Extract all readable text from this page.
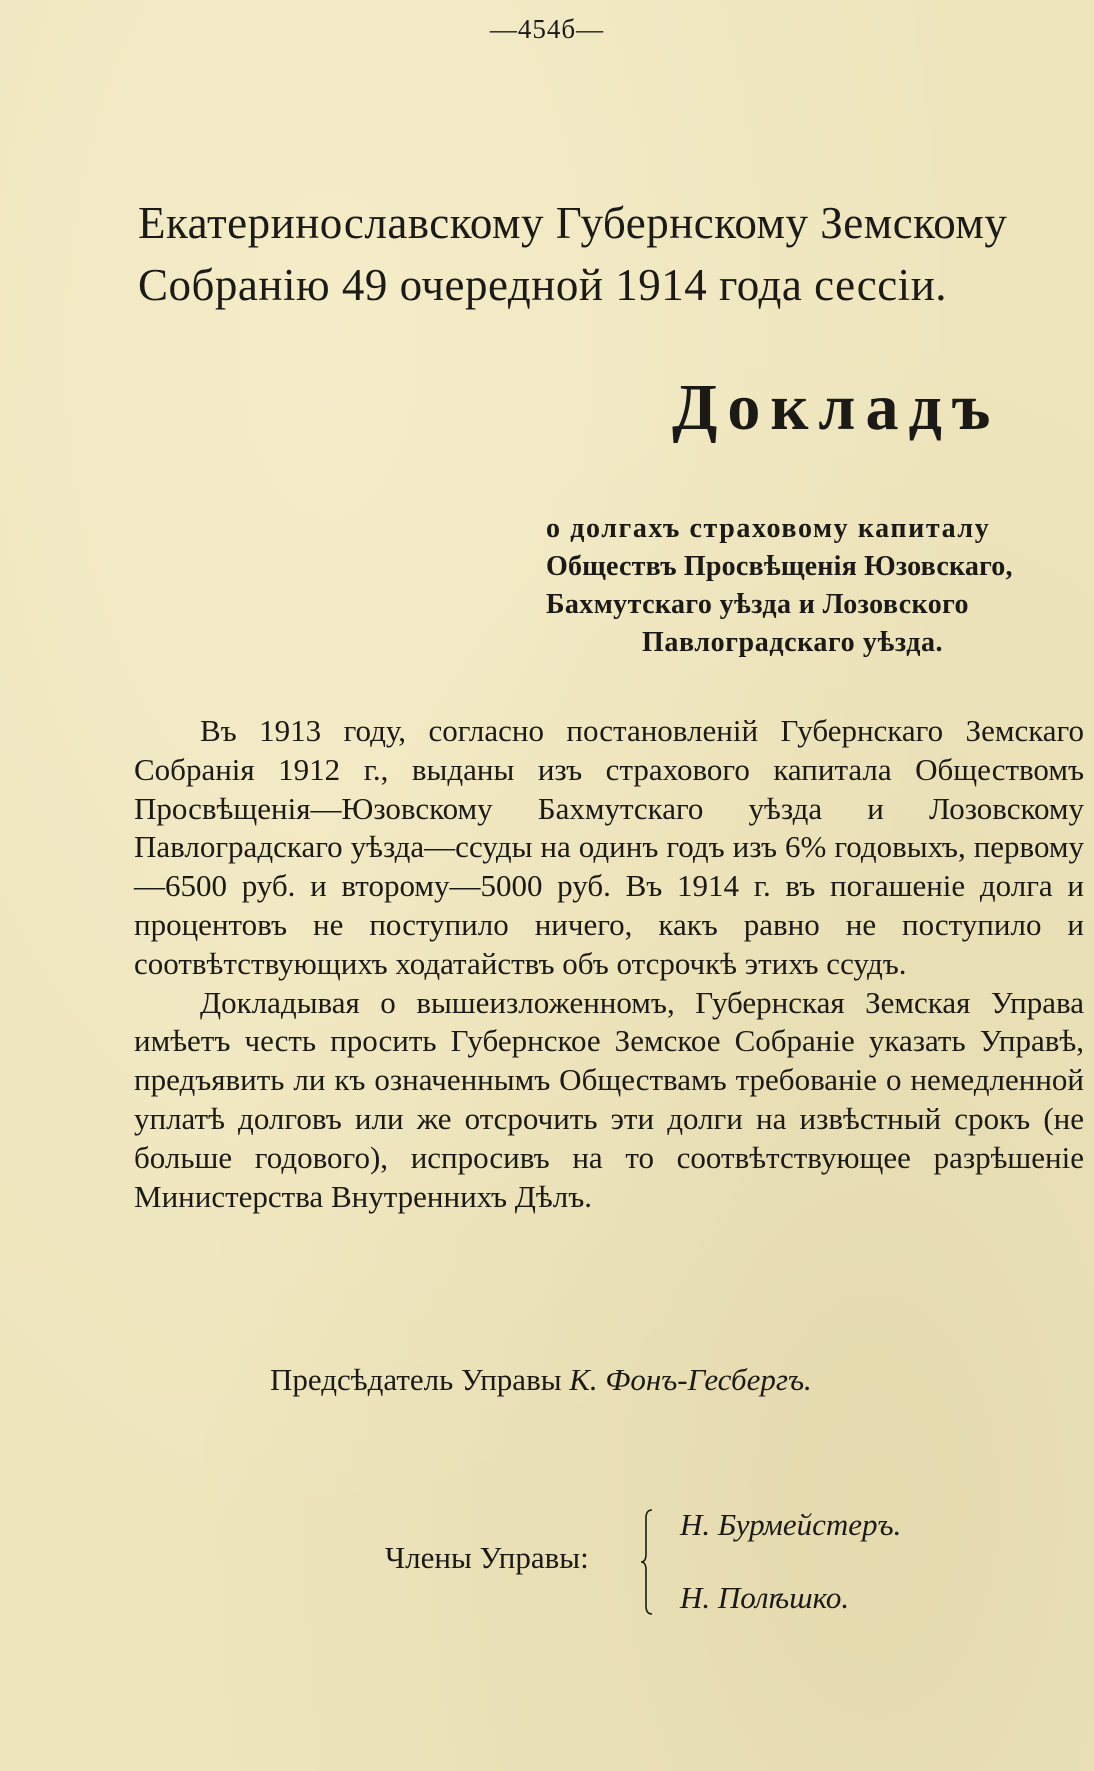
—454б—
Екатеринославскому Губернскому Земскому
Собранію 49 очередной 1914 года сессіи.
Докладъ
о долгахъ страховому капиталу
Обществъ Просвѣщенія Юзовскаго,
Бахмутскаго уѣзда и Лозовского
Павлоградскаго уѣзда.

Въ 1913 году, согласно постановленій Губернскаго Земскаго Собранія 1912 г., выданы изъ страхового капитала Обществомъ Просвѣщенія—Юзовскому Бахмутскаго уѣзда и Лозовскому Павлоградскаго уѣзда—ссуды на одинъ годъ изъ 6% годовыхъ, первому—6500 руб. и второму—5000 руб. Въ 1914 г. въ погашеніе долга и процентовъ не поступило ничего, какъ равно не поступило и соотвѣтствующихъ ходатайствъ объ отсрочкѣ этихъ ссудъ.

Докладывая о вышеизложенномъ, Губернская Земская Управа имѣетъ честь просить Губернское Земское Собраніе указать Управѣ, предъявить ли къ означеннымъ Обществамъ требованіе о немедленной уплатѣ долговъ или же отсрочить эти долги на извѣстный срокъ (не больше годового), испросивъ на то соотвѣтствующее разрѣшеніе Министерства Внутреннихъ Дѣлъ.

Предсѣдатель Управы К. Фонъ-Гесбергъ.
Члены Управы:
Н. Бурмейстеръ.
Н. Полѣшко.
